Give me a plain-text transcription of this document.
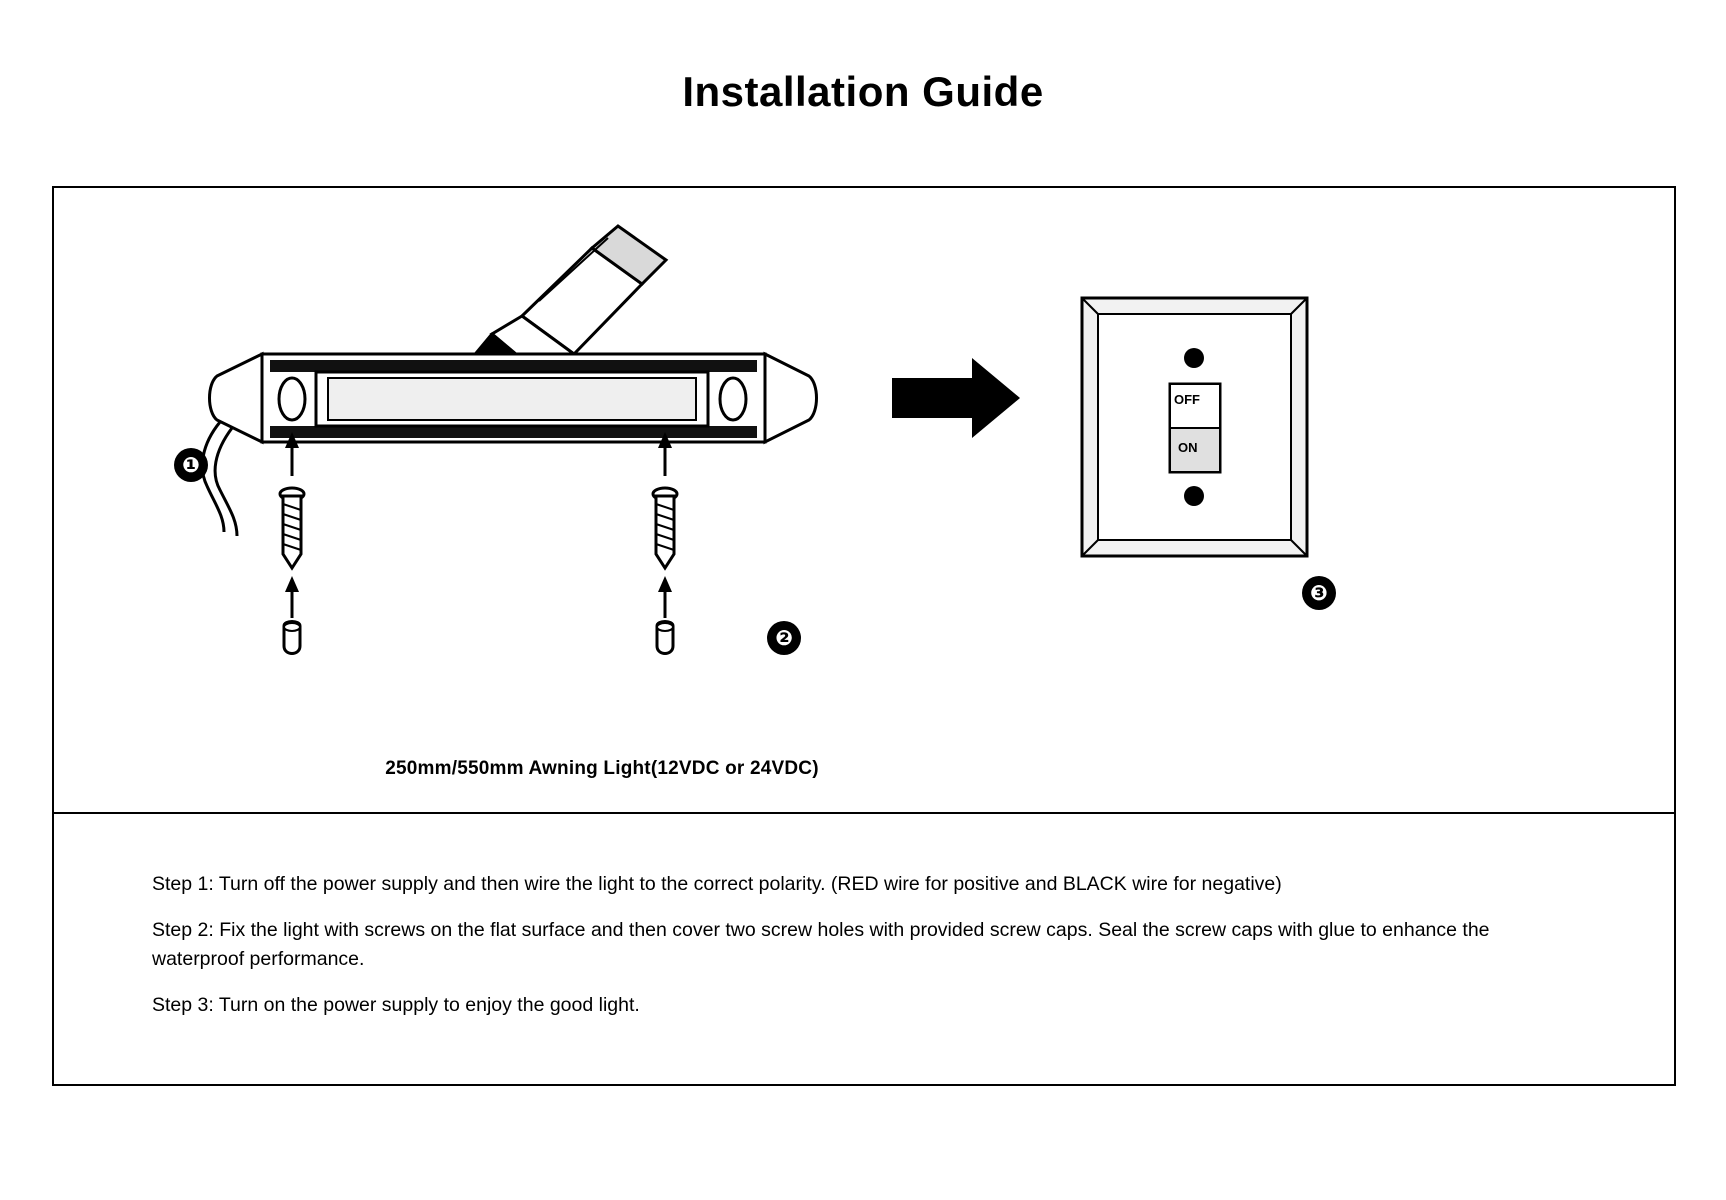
Installation Guide
OFF
ON
❶
❷
❸
250mm/550mm Awning Light(12VDC or 24VDC)

Step 1: Turn off the power supply and then wire the light to the correct polarity. (RED wire for positive and BLACK wire for negative)

Step 2: Fix the light with screws on the flat surface and then cover two screw holes with provided screw caps. Seal the screw caps with glue to enhance the waterproof performance.

Step 3: Turn on the power supply to enjoy the good light.
